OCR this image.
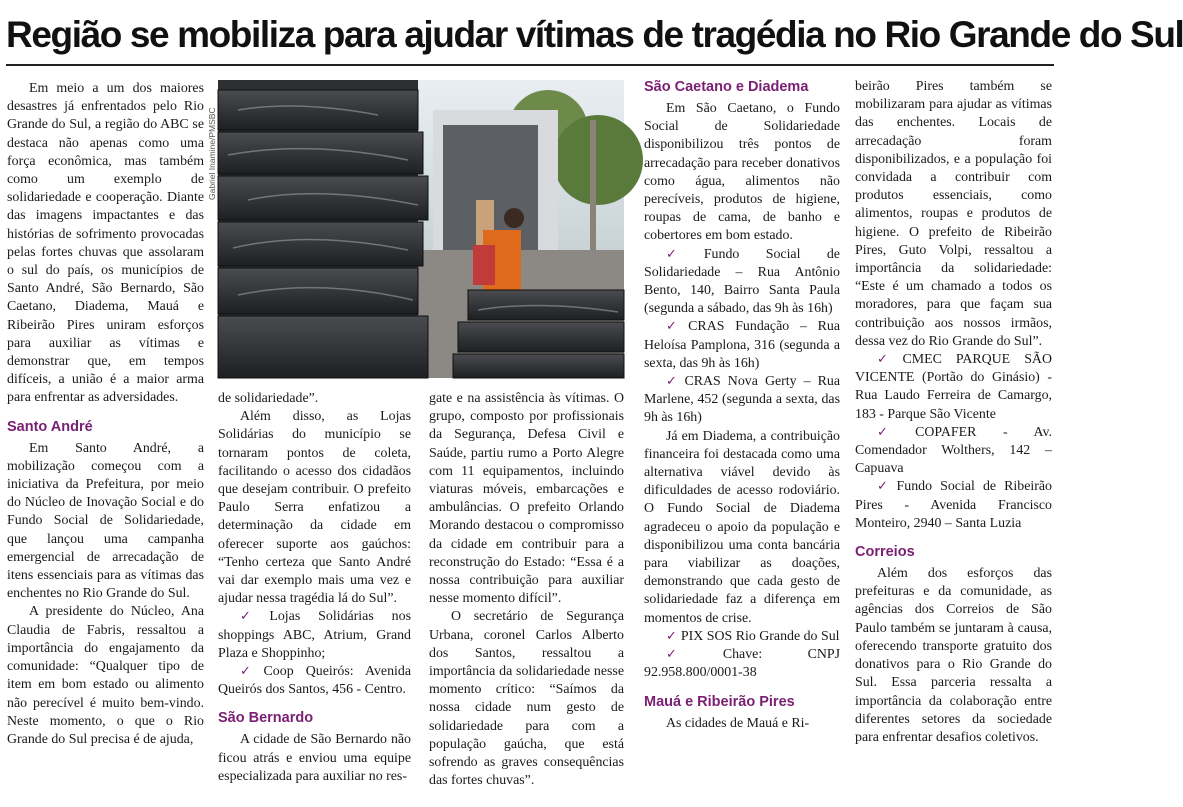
Região se mobiliza para ajudar vítimas de tragédia no Rio Grande do Sul
Gabriel Inamine/PMSBC

Em meio a um dos maiores desastres já enfrentados pelo Rio Grande do Sul, a região do ABC se destaca não apenas como uma força econômica, mas também como um exemplo de solidariedade e cooperação. Diante das imagens impactantes e das histórias de sofrimento provocadas pelas fortes chuvas que assolaram o sul do país, os municípios de Santo André, São Bernardo, São Caetano, Diadema, Mauá e Ribeirão Pires uniram esforços para auxiliar as vítimas e demonstrar que, em tempos difíceis, a união é a maior arma para enfrentar as adversidades.

Santo André

Em Santo André, a mobilização começou com a iniciativa da Prefeitura, por meio do Núcleo de Inovação Social e do Fundo Social de Solidariedade, que lançou uma campanha emergencial de arrecadação de itens essenciais para as vítimas das enchentes no Rio Grande do Sul.

A presidente do Núcleo, Ana Claudia de Fabris, ressaltou a importância do engajamento da comunidade: “Qualquer tipo de item em bom estado ou alimento não perecível é muito bem-vindo. Neste momento, o que o Rio Grande do Sul precisa é de ajuda,

de solidariedade”.

Além disso, as Lojas Solidárias do município se tornaram pontos de coleta, facilitando o acesso dos cidadãos que desejam contribuir. O prefeito Paulo Serra enfatizou a determinação da cidade em oferecer suporte aos gaúchos: “Tenho certeza que Santo André vai dar exemplo mais uma vez e ajudar nessa tragédia lá do Sul”.

✓ Lojas Solidárias nos shoppings ABC, Atrium, Grand Plaza e Shoppinho;

✓ Coop Queirós: Avenida Queirós dos Santos, 456 - Centro.

São Bernardo

A cidade de São Bernardo não ficou atrás e enviou uma equipe especializada para auxiliar no res-

gate e na assistência às vítimas. O grupo, composto por profissionais da Segurança, Defesa Civil e Saúde, partiu rumo a Porto Alegre com 11 equipamentos, incluindo viaturas móveis, embarcações e ambulâncias. O prefeito Orlando Morando destacou o compromisso da cidade em contribuir para a reconstrução do Estado: “Essa é a nossa contribuição para auxiliar nesse momento difícil”.

O secretário de Segurança Urbana, coronel Carlos Alberto dos Santos, ressaltou a importância da solidariedade nesse momento crítico: “Saímos da nossa cidade num gesto de solidariedade para com a população gaúcha, que está sofrendo as graves consequências das fortes chuvas”.

São Caetano e Diadema

Em São Caetano, o Fundo Social de Solidariedade disponibilizou três pontos de arrecadação para receber donativos como água, alimentos não perecíveis, produtos de higiene, roupas de cama, de banho e cobertores em bom estado.

✓ Fundo Social de Solidariedade – Rua Antônio Bento, 140, Bairro Santa Paula (segunda a sábado, das 9h às 16h)

✓ CRAS Fundação – Rua Heloísa Pamplona, 316 (segunda a sexta, das 9h às 16h)

✓ CRAS Nova Gerty – Rua Marlene, 452 (segunda a sexta, das 9h às 16h)

Já em Diadema, a contribuição financeira foi destacada como uma alternativa viável devido às dificuldades de acesso rodoviário. O Fundo Social de Diadema agradeceu o apoio da população e disponibilizou uma conta bancária para viabilizar as doações, demonstrando que cada gesto de solidariedade faz a diferença em momentos de crise.

✓ PIX SOS Rio Grande do Sul

✓ Chave: CNPJ 92.958.800/0001-38

Mauá e Ribeirão Pires

As cidades de Mauá e Ri-

beirão Pires também se mobilizaram para ajudar as vítimas das enchentes. Locais de arrecadação foram disponibilizados, e a população foi convidada a contribuir com produtos essenciais, como alimentos, roupas e produtos de higiene. O prefeito de Ribeirão Pires, Guto Volpi, ressaltou a importância da solidariedade: “Este é um chamado a todos os moradores, para que façam sua contribuição aos nossos irmãos, dessa vez do Rio Grande do Sul”.

✓ CMEC PARQUE SÃO VICENTE (Portão do Ginásio) - Rua Laudo Ferreira de Camargo, 183 - Parque São Vicente

✓ COPAFER - Av. Comendador Wolthers, 142 – Capuava

✓ Fundo Social de Ribeirão Pires - Avenida Francisco Monteiro, 2940 – Santa Luzia

Correios

Além dos esforços das prefeituras e da comunidade, as agências dos Correios de São Paulo também se juntaram à causa, oferecendo transporte gratuito dos donativos para o Rio Grande do Sul. Essa parceria ressalta a importância da colaboração entre diferentes setores da sociedade para enfrentar desafios coletivos.
